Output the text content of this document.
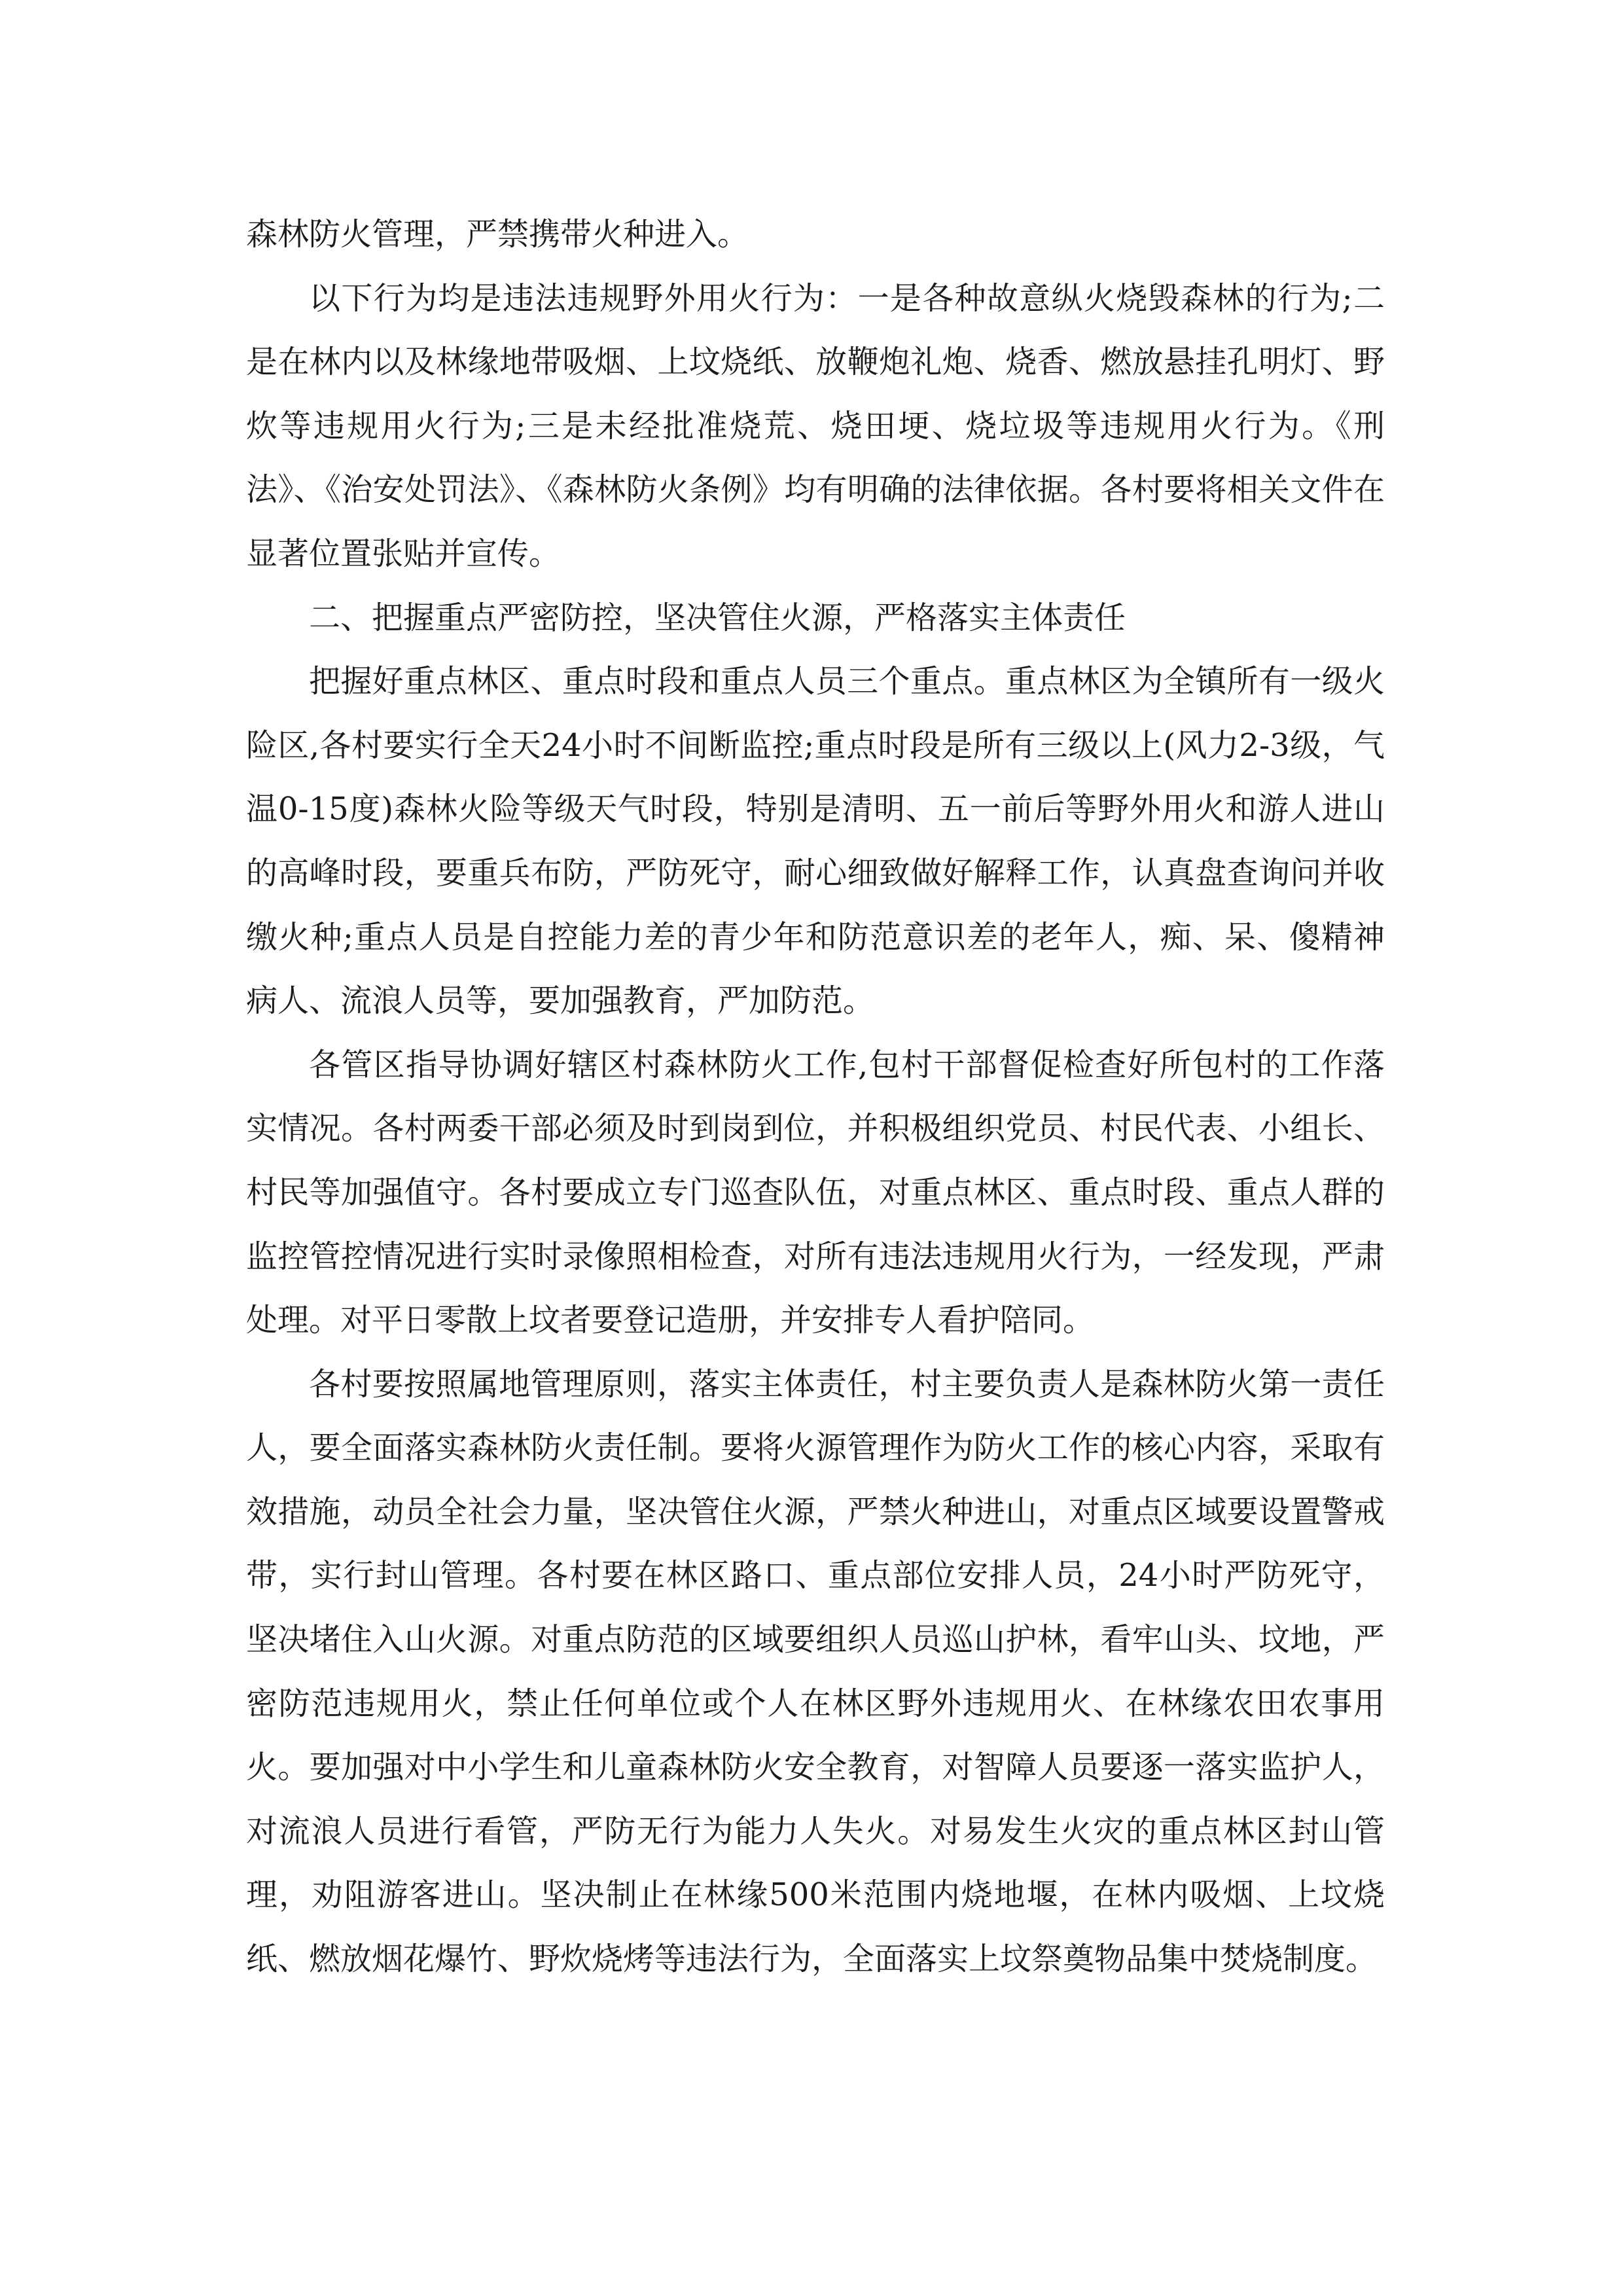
森林防火管理，严禁携带火种进入。

以下行为均是违法违规野外用火行为：一是各种故意纵火烧毁森林的行为;二是在林内以及林缘地带吸烟、上坟烧纸、放鞭炮礼炮、烧香、燃放悬挂孔明灯、野炊等违规用火行为;三是未经批准烧荒、烧田埂、烧垃圾等违规用火行为。《刑法》、《治安处罚法》、《森林防火条例》均有明确的法律依据。各村要将相关文件在显著位置张贴并宣传。

二、把握重点严密防控，坚决管住火源，严格落实主体责任

把握好重点林区、重点时段和重点人员三个重点。重点林区为全镇所有一级火险区,各村要实行全天24小时不间断监控;重点时段是所有三级以上(风力2-3级，气温0-15度)森林火险等级天气时段，特别是清明、五一前后等野外用火和游人进山的高峰时段，要重兵布防，严防死守，耐心细致做好解释工作，认真盘查询问并收缴火种;重点人员是自控能力差的青少年和防范意识差的老年人，痴、呆、傻精神病人、流浪人员等，要加强教育，严加防范。

各管区指导协调好辖区村森林防火工作,包村干部督促检查好所包村的工作落实情况。各村两委干部必须及时到岗到位，并积极组织党员、村民代表、小组长、村民等加强值守。各村要成立专门巡查队伍，对重点林区、重点时段、重点人群的监控管控情况进行实时录像照相检查，对所有违法违规用火行为，一经发现，严肃处理。对平日零散上坟者要登记造册，并安排专人看护陪同。

各村要按照属地管理原则，落实主体责任，村主要负责人是森林防火第一责任人，要全面落实森林防火责任制。要将火源管理作为防火工作的核心内容，采取有效措施，动员全社会力量，坚决管住火源，严禁火种进山，对重点区域要设置警戒带，实行封山管理。各村要在林区路口、重点部位安排人员，24小时严防死守，坚决堵住入山火源。对重点防范的区域要组织人员巡山护林，看牢山头、坟地，严密防范违规用火，禁止任何单位或个人在林区野外违规用火、在林缘农田农事用火。要加强对中小学生和儿童森林防火安全教育，对智障人员要逐一落实监护人，对流浪人员进行看管，严防无行为能力人失火。对易发生火灾的重点林区封山管理，劝阻游客进山。坚决制止在林缘500米范围内烧地堰，在林内吸烟、上坟烧纸、燃放烟花爆竹、野炊烧烤等违法行为，全面落实上坟祭奠物品集中焚烧制度。
